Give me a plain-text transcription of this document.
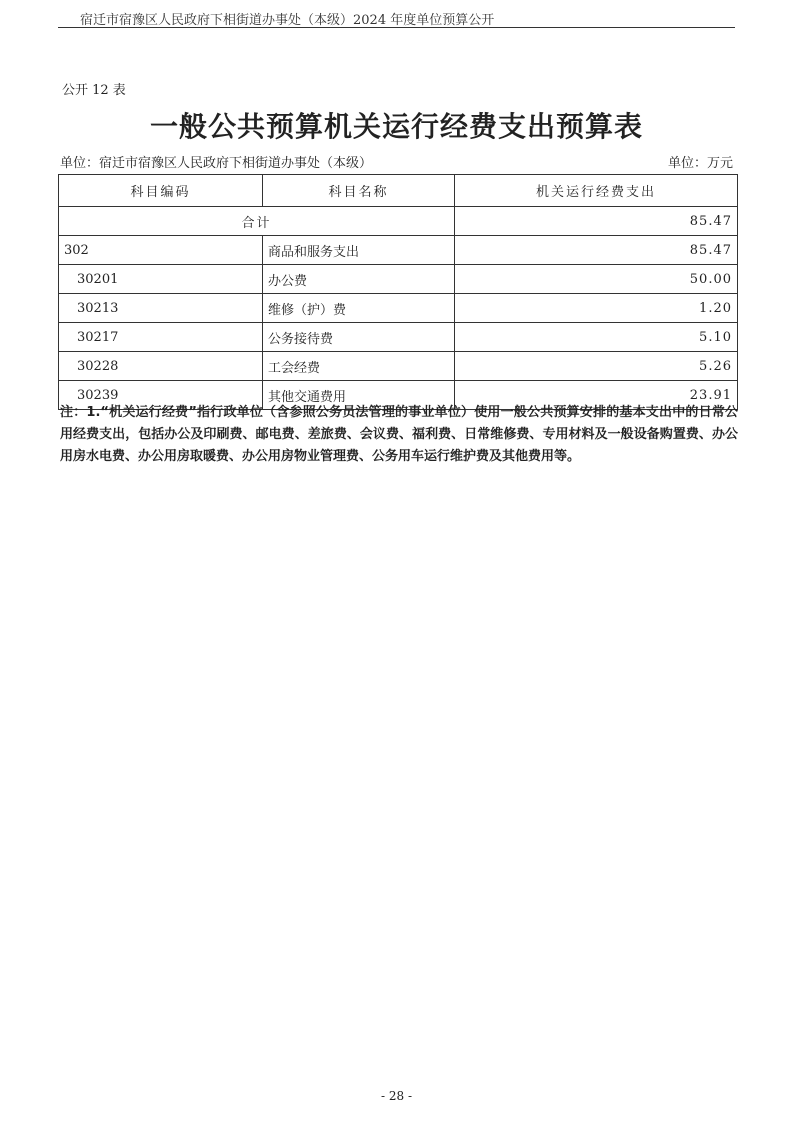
宿迁市宿豫区人民政府下相街道办事处（本级）2024 年度单位预算公开
公开 12 表
一般公共预算机关运行经费支出预算表
单位：宿迁市宿豫区人民政府下相街道办事处（本级）	单位：万元
科目编码	科目名称	机关运行经费支出
合计		85.47
302	商品和服务支出	85.47
30201	办公费	50.00
30213	维修（护）费	1.20
30217	公务接待费	5.10
30228	工会经费	5.26
30239	其他交通费用	23.91
注：1.“机关运行经费”指行政单位（含参照公务员法管理的事业单位）使用一般公共预算安排的基本支出中的日常公用经费支出，包括办公及印刷费、邮电费、差旅费、会议费、福利费、日常维修费、专用材料及一般设备购置费、办公用房水电费、办公用房取暖费、办公用房物业管理费、公务用车运行维护费及其他费用等。
- 28 -
